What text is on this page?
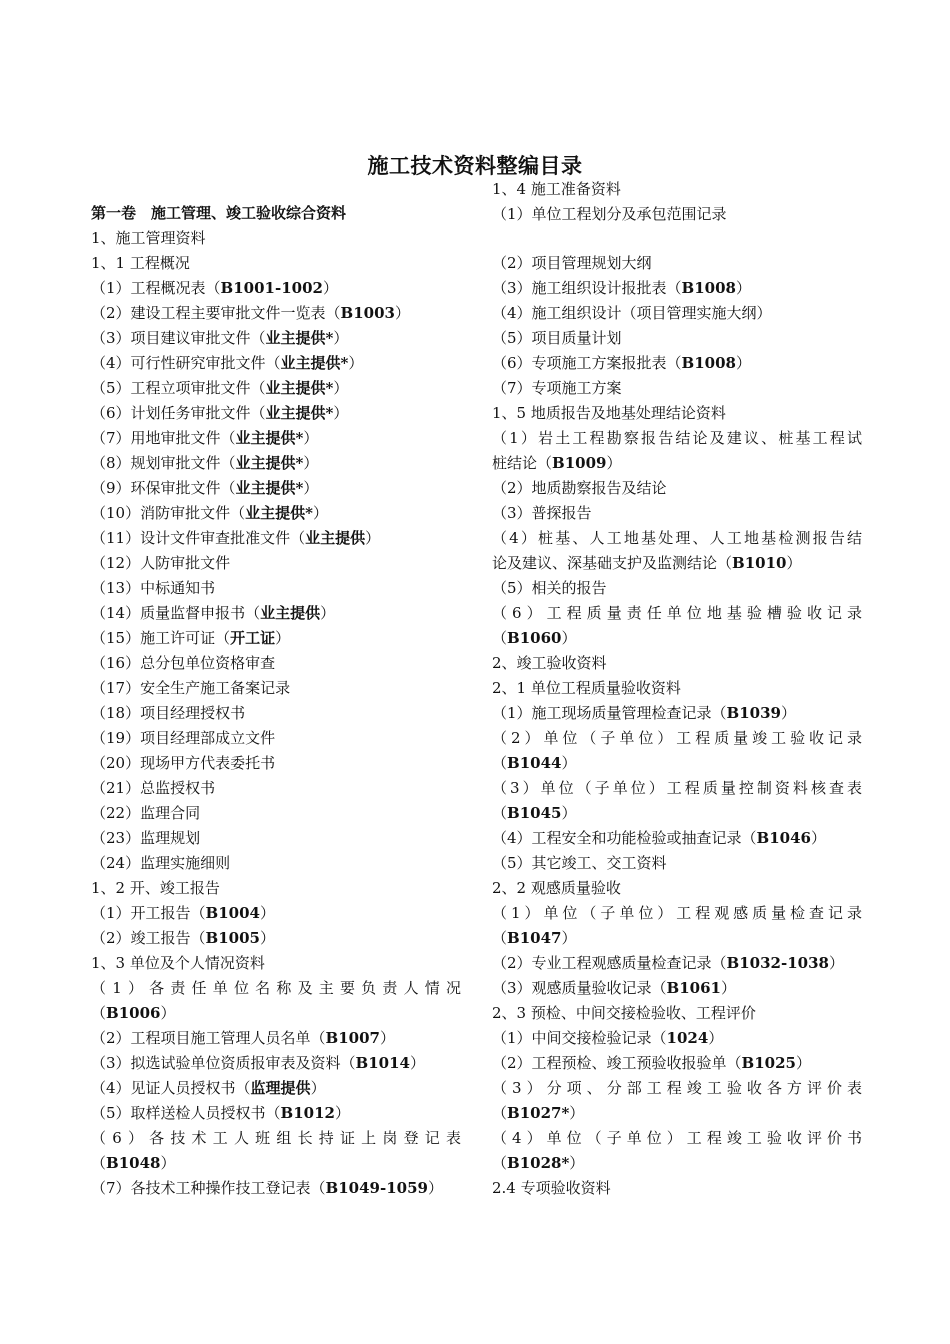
施工技术资料整编目录
第一卷　施工管理、竣工验收综合资料
1、施工管理资料
1、1 工程概况
（1）工程概况表（B1001-1002）
（2）建设工程主要审批文件一览表（B1003）
（3）项目建议审批文件（业主提供*）
（4）可行性研究审批文件（业主提供*）
（5）工程立项审批文件（业主提供*）
（6）计划任务审批文件（业主提供*）
（7）用地审批文件（业主提供*）
（8）规划审批文件（业主提供*）
（9）环保审批文件（业主提供*）
（10）消防审批文件（业主提供*）
（11）设计文件审查批准文件（业主提供）
（12）人防审批文件
（13）中标通知书
（14）质量监督申报书（业主提供）
（15）施工许可证（开工证）
（16）总分包单位资格审查
（17）安全生产施工备案记录
（18）项目经理授权书
（19）项目经理部成立文件
（20）现场甲方代表委托书
（21）总监授权书
（22）监理合同
（23）监理规划
（24）监理实施细则
1、2 开、竣工报告
（1）开工报告（B1004）
（2）竣工报告（B1005）
1、3 单位及个人情况资料
（1）各责任单位名称及主要负责人情况
（B1006）
（2）工程项目施工管理人员名单（B1007）
（3）拟选试验单位资质报审表及资料（B1014）
（4）见证人员授权书（监理提供）
（5）取样送检人员授权书（B1012）
（6）各技术工人班组长持证上岗登记表
（B1048）
（7）各技术工种操作技工登记表（B1049-1059）
1、4 施工准备资料
（1）单位工程划分及承包范围记录
（2）项目管理规划大纲
（3）施工组织设计报批表（B1008）
（4）施工组织设计（项目管理实施大纲）
（5）项目质量计划
（6）专项施工方案报批表（B1008）
（7）专项施工方案
1、5 地质报告及地基处理结论资料
（1）岩土工程勘察报告结论及建议、桩基工程试
桩结论（B1009）
（2）地质勘察报告及结论
（3）普探报告
（4）桩基、人工地基处理、人工地基检测报告结
论及建议、深基础支护及监测结论（B1010）
（5）相关的报告
（6）工程质量责任单位地基验槽验收记录
（B1060）
2、竣工验收资料
2、1 单位工程质量验收资料
（1）施工现场质量管理检查记录（B1039）
（2）单位（子单位）工程质量竣工验收记录
（B1044）
（3）单位（子单位）工程质量控制资料核查表
（B1045）
（4）工程安全和功能检验或抽查记录（B1046）
（5）其它竣工、交工资料
2、2 观感质量验收
（1）单位（子单位）工程观感质量检查记录
（B1047）
（2）专业工程观感质量检查记录（B1032-1038）
（3）观感质量验收记录（B1061）
2、3 预检、中间交接检验收、工程评价
（1）中间交接检验记录（1024）
（2）工程预检、竣工预验收报验单（B1025）
（3）分项、分部工程竣工验收各方评价表
（B1027*）
（4）单位（子单位）工程竣工验收评价书
（B1028*）
2.4 专项验收资料
